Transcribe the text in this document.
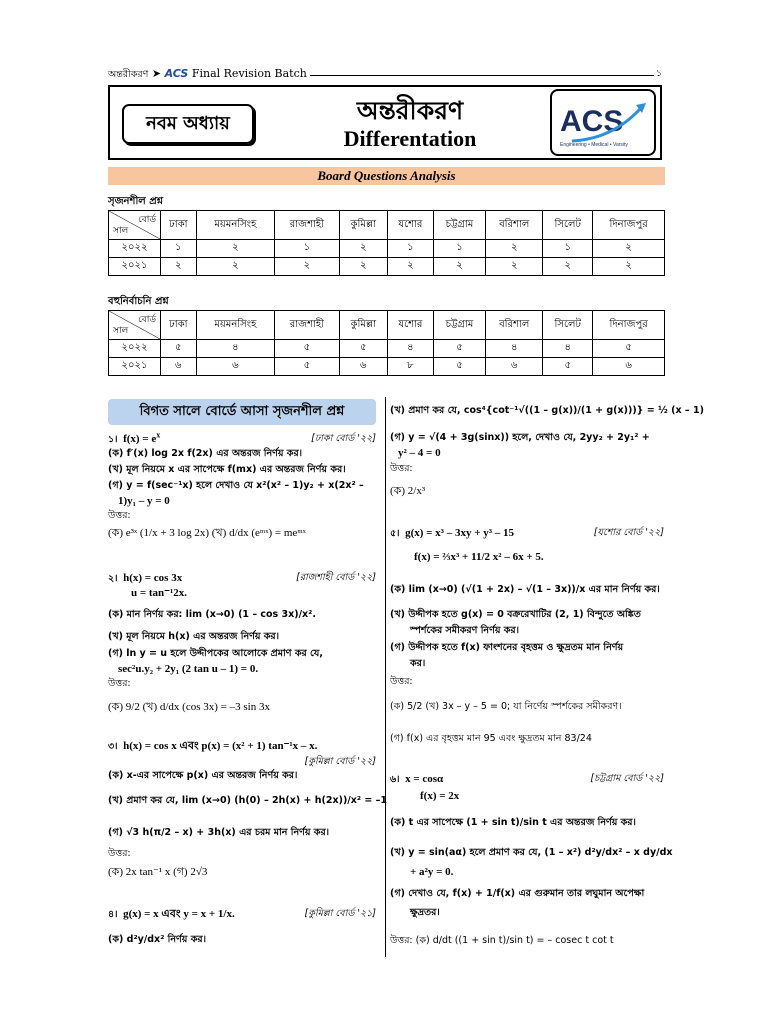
অন্তরীকরণ ➤ ACS Final Revision Batch	১
নবম অধ্যায়	অন্তরীকরণ
Differentation
ACS
Engineering • Medical • Varsity
Board Questions Analysis
সৃজনশীল প্রশ্ন
বোর্ড
সাল	ঢাকা	ময়মনসিংহ	রাজশাহী	কুমিল্লা	যশোর	চট্টগ্রাম	বরিশাল	সিলেট	দিনাজপুর
২০২২	১	২	১	২	১	১	২	১	২
২০২১	২	২	২	২	২	২	২	২	২
বহুনির্বাচনি প্রশ্ন
বোর্ড
সাল	ঢাকা	ময়মনসিংহ	রাজশাহী	কুমিল্লা	যশোর	চট্টগ্রাম	বরিশাল	সিলেট	দিনাজপুর
২০২২	৫	৪	৫	৫	৪	৫	৪	৪	৫
২০২১	৬	৬	৫	৬	৮	৫	৬	৫	৬
বিগত সালে বোর্ডে আসা সৃজনশীল প্রশ্ন
১। $f(x) = e^x$	[ঢাকা বোর্ড '২২]
(ক) f′(x) log 2x f(2x) এর অন্তরজ নির্ণয় কর।
(খ) মূল নিয়মে x এর সাপেক্ষে f(mx) এর অন্তরজ নির্ণয় কর।
(গ) y = f(sec⁻¹x) হলে দেখাও যে x²(x² – 1)y₂ + x(2x² –
1)y₁ – y = 0
উত্তর:
(ক) e³ˣ (1/x + 3 log 2x) (খ) d/dx (eᵐˣ) = meᵐˣ
২। h(x) = cos 3x	[রাজশাহী বোর্ড '২২]
u = tan⁻¹2x.
(ক) মান নির্ণয় কর: lim (x→0) (1 – cos 3x)/x².
(খ) মূল নিয়মে h(x) এর অন্তরজ নির্ণয় কর।
(গ) ln y = u হলে উদ্দীপকের আলোকে প্রমাণ কর যে,
sec²u.y₂ + 2y₁ (2 tan u – 1) = 0.
উত্তর:
(ক) 9/2 (খ) d/dx (cos 3x) = –3 sin 3x
৩। h(x) = cos x এবং p(x) = (x² + 1) tan⁻¹x – x.
[কুমিল্লা বোর্ড '২২]
(ক) x-এর সাপেক্ষে p(x) এর অন্তরজ নির্ণয় কর।
(খ) প্রমাণ কর যে, lim (x→0) (h(0) – 2h(x) + h(2x))/x² = –1
(গ) √3 h(π/2 – x) + 3h(x) এর চরম মান নির্ণয় কর।
উত্তর:
(ক) 2x tan⁻¹ x (গ) 2√3
৪। g(x) = x এবং y = x + 1/x.	[কুমিল্লা বোর্ড '২১]
(ক) d²y/dx² নির্ণয় কর।
(খ) প্রমাণ কর যে, cos⁴{cot⁻¹√((1 – g(x))/(1 + g(x)))} = ½ (x – 1)
(গ) y = √(4 + 3g(sinx)) হলে, দেখাও যে, 2yy₂ + 2y₁² +
y² – 4 = 0
উত্তর:
(ক) 2/x³
৫। g(x) = x³ – 3xy + y³ – 15	[যশোর বোর্ড '২২]
f(x) = ⅔x³ + 11/2 x² – 6x + 5.
(ক) lim (x→0) (√(1 + 2x) – √(1 – 3x))/x এর মান নির্ণয় কর।
(খ) উদ্দীপক হতে g(x) = 0 বক্ররেখাটির (2, 1) বিন্দুতে অঙ্কিত
স্পর্শকের সমীকরণ নির্ণয় কর।
(গ) উদ্দীপক হতে f(x) ফাংশনের বৃহত্তম ও ক্ষুদ্রতম মান নির্ণয়
কর।
উত্তর:
(ক) 5/2 (খ) 3x – y – 5 = 0; যা নির্ণেয় স্পর্শকের সমীকরণ।
(গ) f(x) এর বৃহত্তম মান 95 এবং ক্ষুদ্রতম মান 83/24
৬। x = cosα	[চট্টগ্রাম বোর্ড '২২]
f(x) = 2x
(ক) t এর সাপেক্ষে (1 + sin t)/sin t এর অন্তরজ নির্ণয় কর।
(খ) y = sin(aα) হলে প্রমাণ কর যে, (1 – x²) d²y/dx² – x dy/dx
+ a²y = 0.
(গ) দেখাও যে, f(x) + 1/f(x) এর গুরুমান তার লঘুমান অপেক্ষা
ক্ষুদ্রতর।
উত্তর: (ক) d/dt ((1 + sin t)/sin t) = – cosec t cot t
